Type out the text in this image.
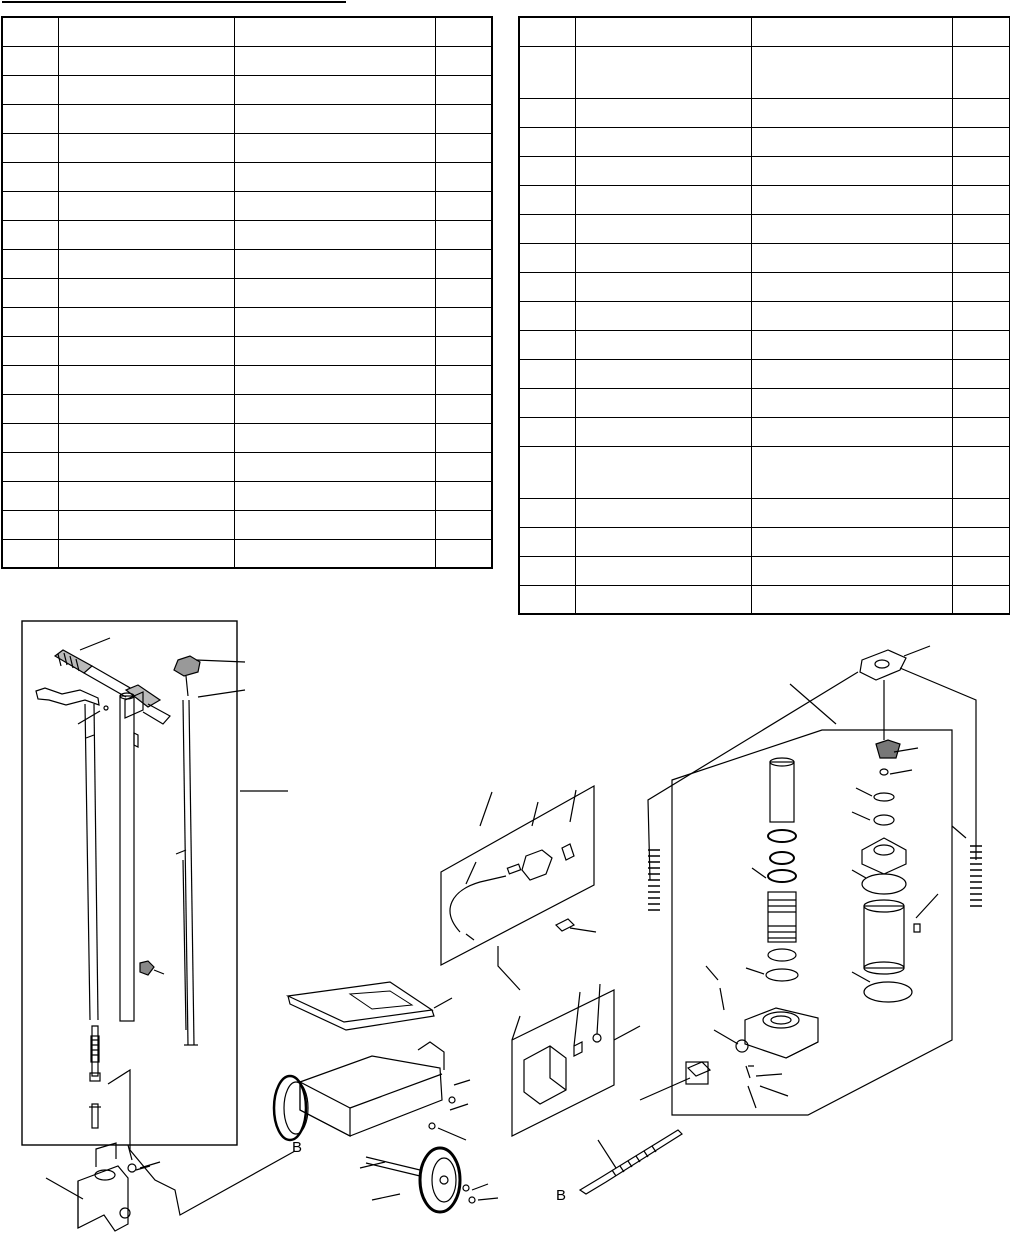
B
B
